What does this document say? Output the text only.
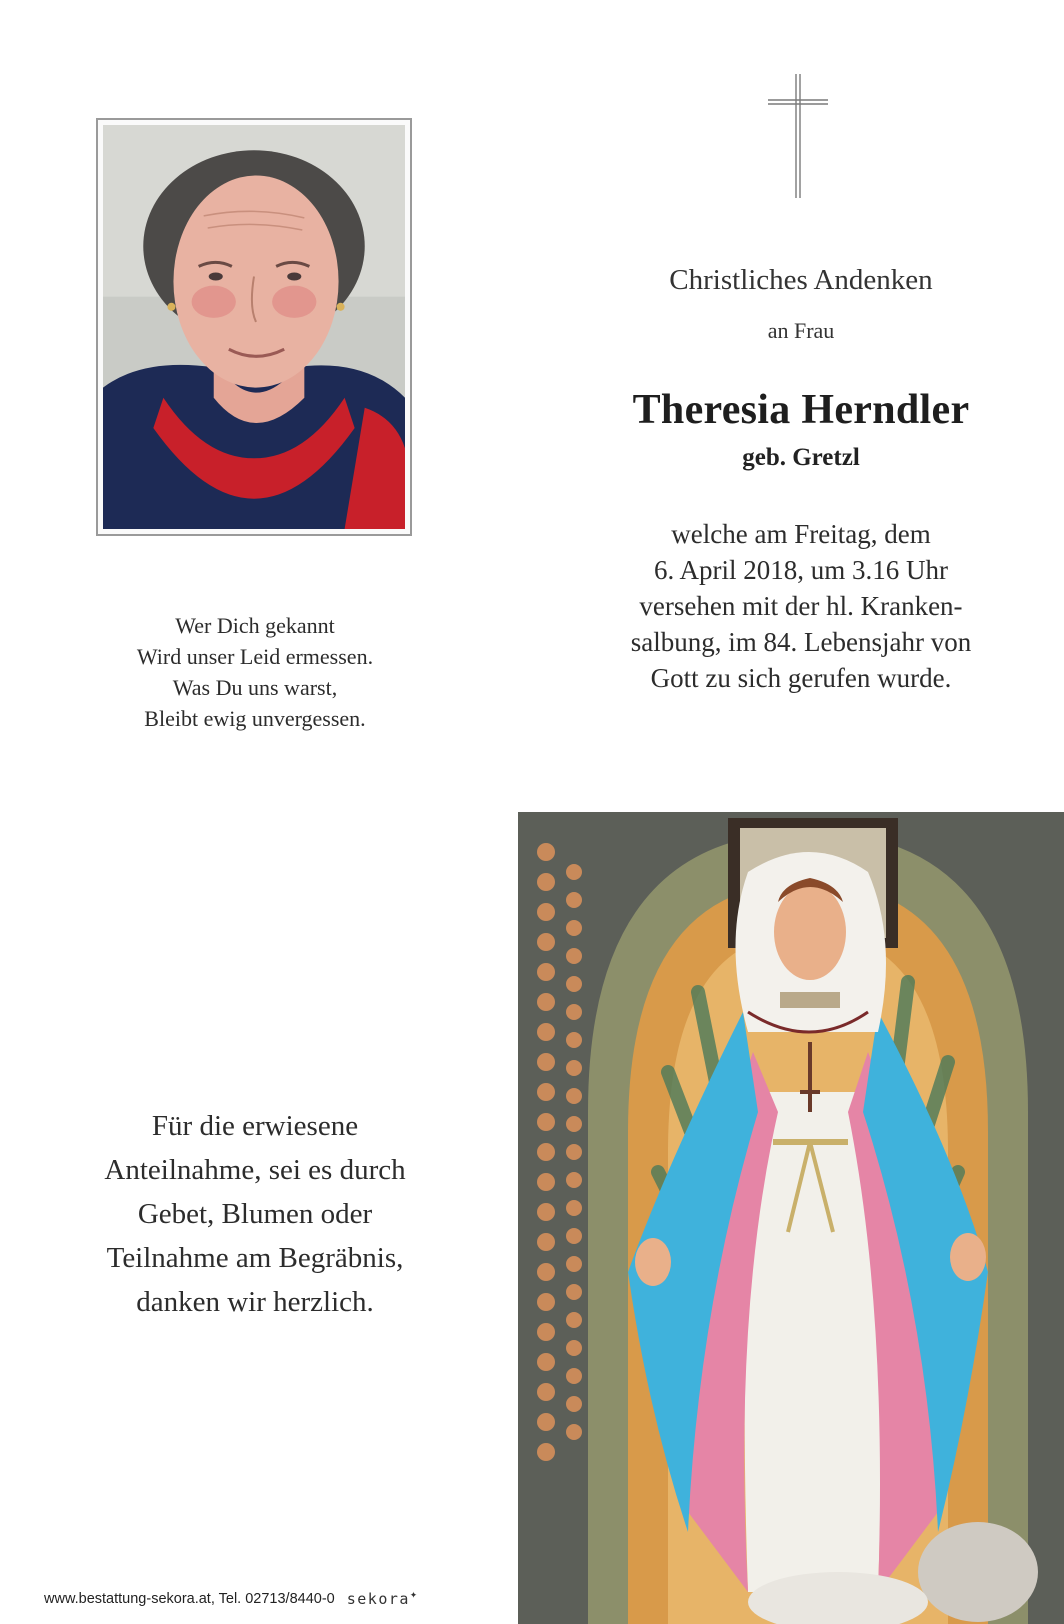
Wer Dich gekannt
Wird unser Leid ermessen.
Was Du uns warst,
Bleibt ewig unvergessen.
Christliches Andenken
an Frau
Theresia Herndler
geb. Gretzl
welche am Freitag, dem
6. April 2018, um 3.16 Uhr
versehen mit der hl. Kranken-
salbung, im 84. Lebensjahr von
Gott zu sich gerufen wurde.
Für die erwiesene
Anteilnahme, sei es durch
Gebet, Blumen oder
Teilnahme am Begräbnis,
danken wir herzlich.
www.bestattung-sekora.at, Tel. 02713/8440-0 sekora✦
